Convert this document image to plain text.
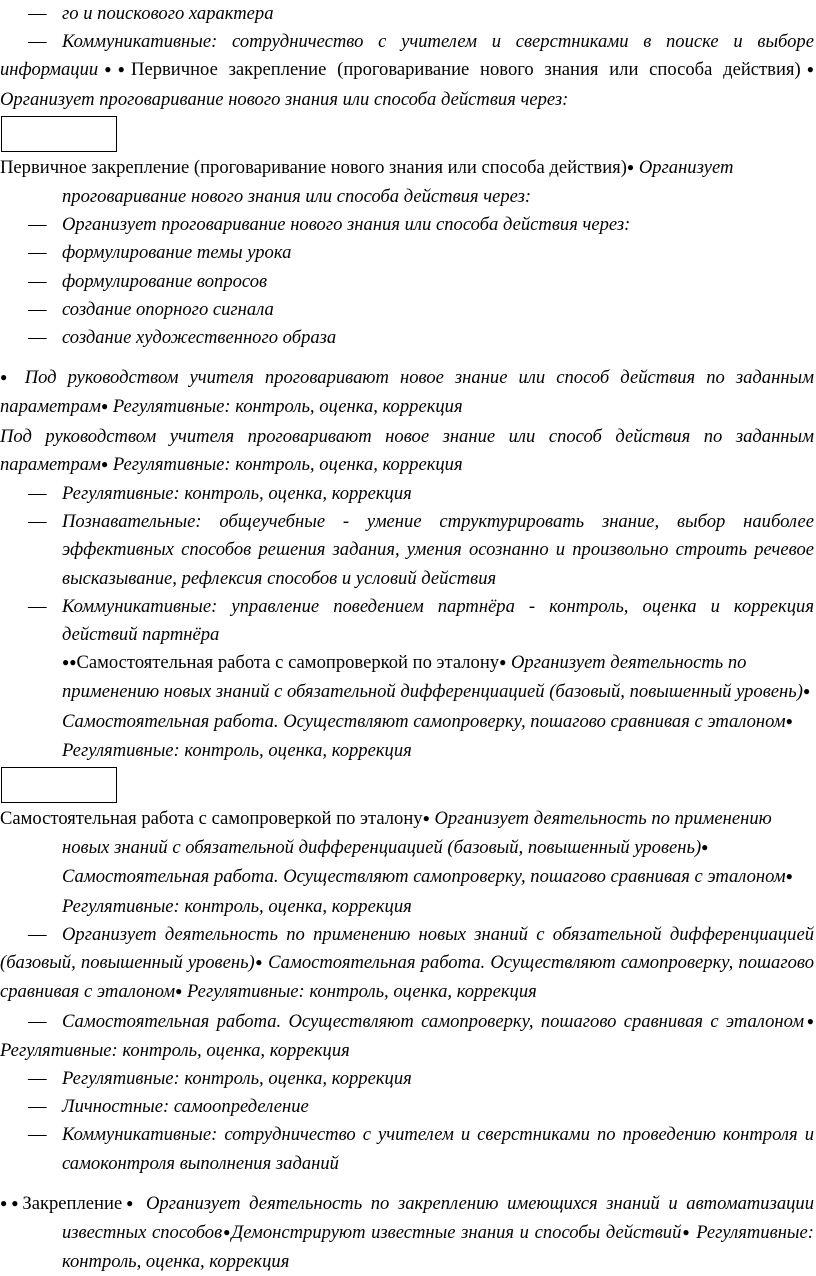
— го и поискового характера
— Коммуникативные: сотрудничество с учителем и сверстниками в поиске и выборе информации●●Первичное закрепление (проговаривание нового знания или способа действия)● Организует проговаривание нового знания или способа действия через:
Первичное закрепление (проговаривание нового знания или способа действия)● Организует проговаривание нового знания или способа действия через:
— Организует проговаривание нового знания или способа действия через:
— формулирование темы урока
— формулирование вопросов
— создание опорного сигнала
— создание художественного образа
● Под руководством учителя проговаривают новое знание или способ действия по заданным параметрам● Регулятивные: контроль, оценка, коррекция
Под руководством учителя проговаривают новое знание или способ действия по заданным параметрам● Регулятивные: контроль, оценка, коррекция
— Регулятивные: контроль, оценка, коррекция
— Познавательные: общеучебные - умение структурировать знание, выбор наиболее эффективных способов решения задания, умения осознанно и произвольно строить речевое высказывание, рефлексия способов и условий действия
— Коммуникативные: управление поведением партнёра - контроль, оценка и коррекция действий партнёра
●●Самостоятельная работа с самопроверкой по эталону● Организует деятельность по применению новых знаний с обязательной дифференциацией (базовый, повышенный уровень)● Самостоятельная работа. Осуществляют самопроверку, пошагово сравнивая с эталоном● Регулятивные: контроль, оценка, коррекция
Самостоятельная работа с самопроверкой по эталону● Организует деятельность по применению новых знаний с обязательной дифференциацией (базовый, повышенный уровень)● Самостоятельная работа. Осуществляют самопроверку, пошагово сравнивая с эталоном● Регулятивные: контроль, оценка, коррекция
— Организует деятельность по применению новых знаний с обязательной дифференциацией (базовый, повышенный уровень)● Самостоятельная работа. Осуществляют самопроверку, пошагово сравнивая с эталоном● Регулятивные: контроль, оценка, коррекция
— Самостоятельная работа. Осуществляют самопроверку, пошагово сравнивая с эталоном● Регулятивные: контроль, оценка, коррекция
— Регулятивные: контроль, оценка, коррекция
— Личностные: самоопределение
— Коммуникативные: сотрудничество с учителем и сверстниками по проведению контроля и самоконтроля выполнения заданий
●●Закрепление● Организует деятельность по закреплению имеющихся знаний и автоматизации известных способов●Демонстрируют известные знания и способы действий● Регулятивные: контроль, оценка, коррекция
